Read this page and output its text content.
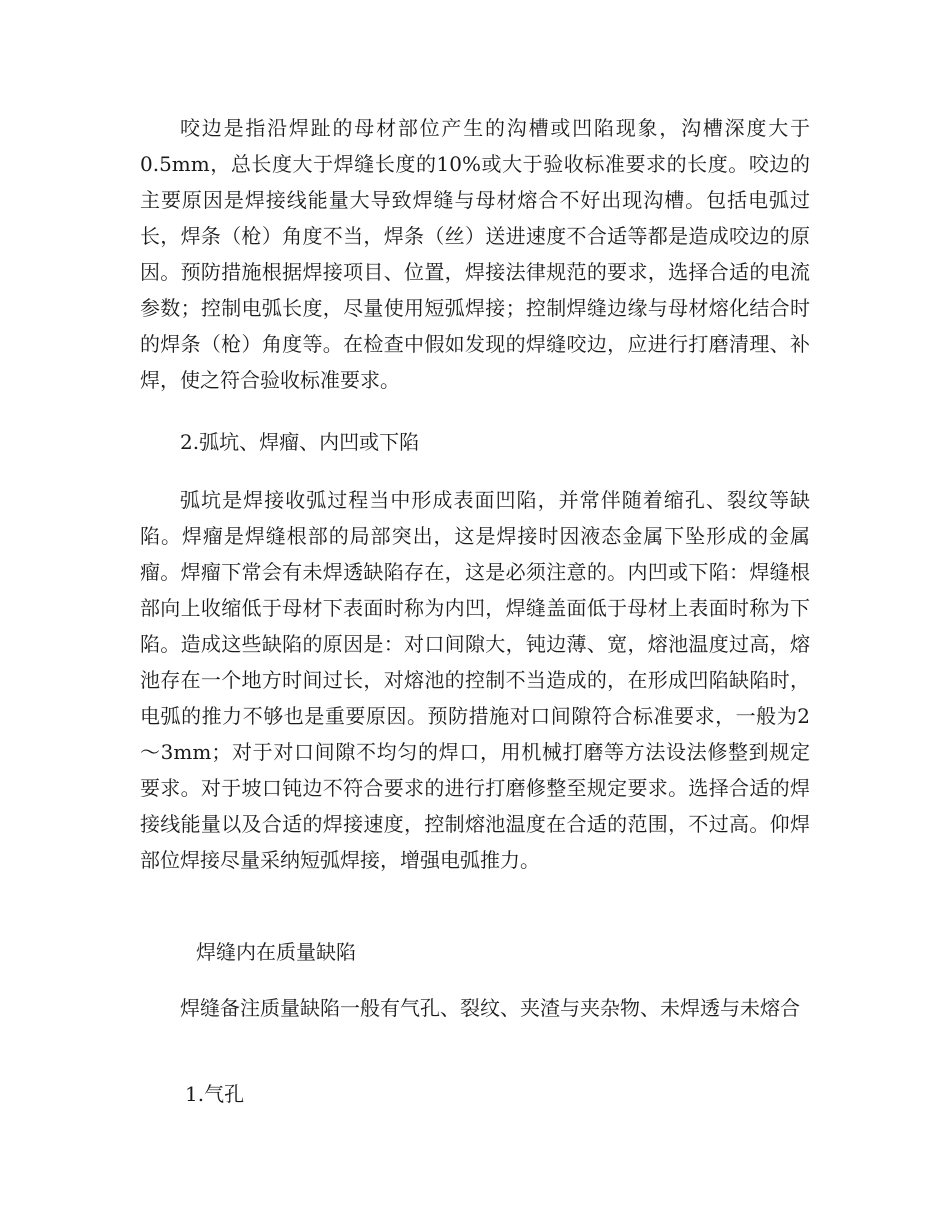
咬边是指沿焊趾的母材部位产生的沟槽或凹陷现象，沟槽深度大于0.5mm，总长度大于焊缝长度的10%或大于验收标准要求的长度。咬边的主要原因是焊接线能量大导致焊缝与母材熔合不好出现沟槽。包括电弧过长，焊条（枪）角度不当，焊条（丝）送进速度不合适等都是造成咬边的原因。预防措施根据焊接项目、位置，焊接法律规范的要求，选择合适的电流参数；控制电弧长度，尽量使用短弧焊接；控制焊缝边缘与母材熔化结合时的焊条（枪）角度等。在检查中假如发现的焊缝咬边，应进行打磨清理、补焊，使之符合验收标准要求。

2.弧坑、焊瘤、内凹或下陷

弧坑是焊接收弧过程当中形成表面凹陷，并常伴随着缩孔、裂纹等缺陷。焊瘤是焊缝根部的局部突出，这是焊接时因液态金属下坠形成的金属瘤。焊瘤下常会有未焊透缺陷存在，这是必须注意的。内凹或下陷：焊缝根部向上收缩低于母材下表面时称为内凹，焊缝盖面低于母材上表面时称为下陷。造成这些缺陷的原因是：对口间隙大，钝边薄、宽，熔池温度过高，熔池存在一个地方时间过长，对熔池的控制不当造成的，在形成凹陷缺陷时，电弧的推力不够也是重要原因。预防措施对口间隙符合标准要求，一般为2～3mm；对于对口间隙不均匀的焊口，用机械打磨等方法设法修整到规定要求。对于坡口钝边不符合要求的进行打磨修整至规定要求。选择合适的焊接线能量以及合适的焊接速度，控制熔池温度在合适的范围，不过高。仰焊部位焊接尽量采纳短弧焊接，增强电弧推力。

焊缝内在质量缺陷

焊缝备注质量缺陷一般有气孔、裂纹、夹渣与夹杂物、未焊透与未熔合

1.气孔
